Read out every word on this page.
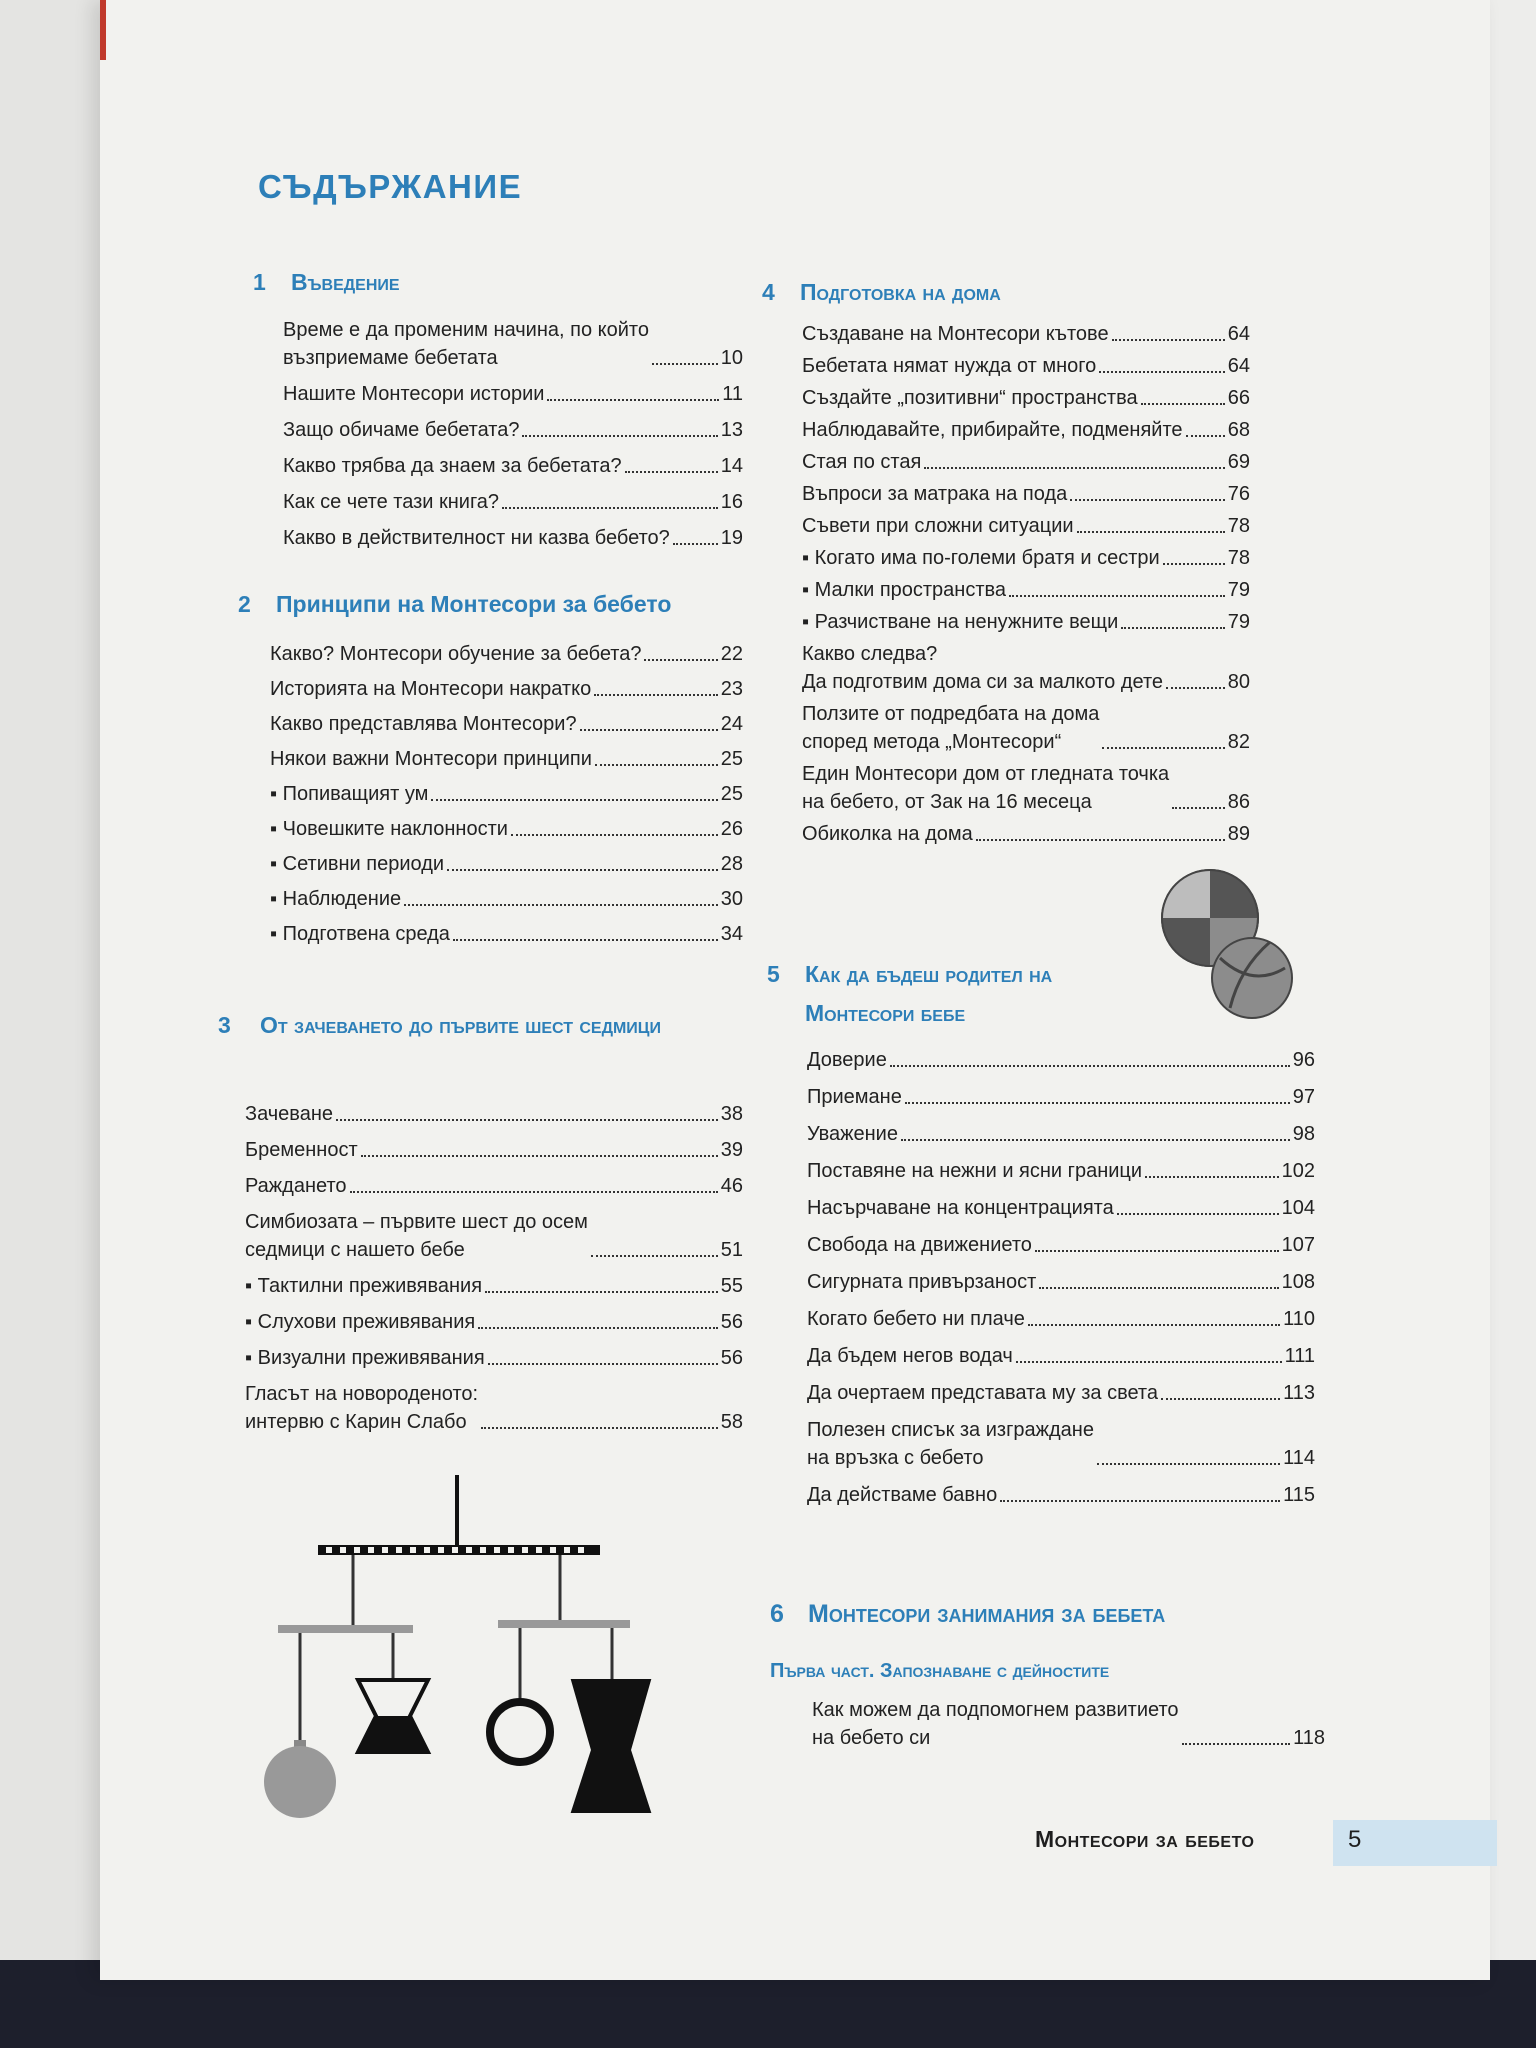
СЪДЪРЖАНИЕ
1 Въведение
Време е да променим начина, по който
възприемаме бебетата	10
Нашите Монтесори истории	11
Защо обичаме бебетата?	13
Какво трябва да знаем за бебетата?	14
Как се чете тази книга?	16
Какво в действителност ни казва бебето?	19
2 Принципи на Монтесори за бебето
Какво? Монтесори обучение за бебета?	22
Историята на Монтесори накратко	23
Какво представлява Монтесори?	24
Някои важни Монтесори принципи	25
▪ Попиващият ум	25
▪ Човешките наклонности	26
▪ Сетивни периоди	28
▪ Наблюдение	30
▪ Подготвена среда	34
3 От зачеването до първите шест седмици
Зачеване	38
Бременност	39
Раждането	46
Симбиозата – първите шест до осем
седмици с нашето бебе	51
▪ Тактилни преживявания	55
▪ Слухови преживявания	56
▪ Визуални преживявания	56
Гласът на новороденото:
интервю с Карин Слабо	58
4 Подготовка на дома
Създаване на Монтесори кътове	64
Бебетата нямат нужда от много	64
Създайте „позитивни“ пространства	66
Наблюдавайте, прибирайте, подменяйте 68
Стая по стая	69
Въпроси за матрака на пода	76
Съвети при сложни ситуации	78
▪ Когато има по-големи братя и сестри	78
▪ Малки пространства	79
▪ Разчистване на ненужните вещи	79
Какво следва?
Да подготвим дома си за малкото дете	80
Ползите от подредбата на дома
според метода „Монтесори“	82
Един Монтесори дом от гледната точка
на бебето, от Зак на 16 месеца	86
Обиколка на дома	89
5 Как да бъдеш родител на Монтесори бебе
Доверие	96
Приемане	97
Уважение	98
Поставяне на нежни и ясни граници	102
Насърчаване на концентрацията	104
Свобода на движението	107
Сигурната привързаност	108
Когато бебето ни плаче	110
Да бъдем негов водач	111
Да очертаем представата му за света	113
Полезен списък за изграждане
на връзка с бебето	114
Да действаме бавно	115
6 Монтесори занимания за бебета
Първа част. Запознаване с дейностите
Как можем да подпомогнем развитието
на бебето си	118
Монтесори за бебето	5
